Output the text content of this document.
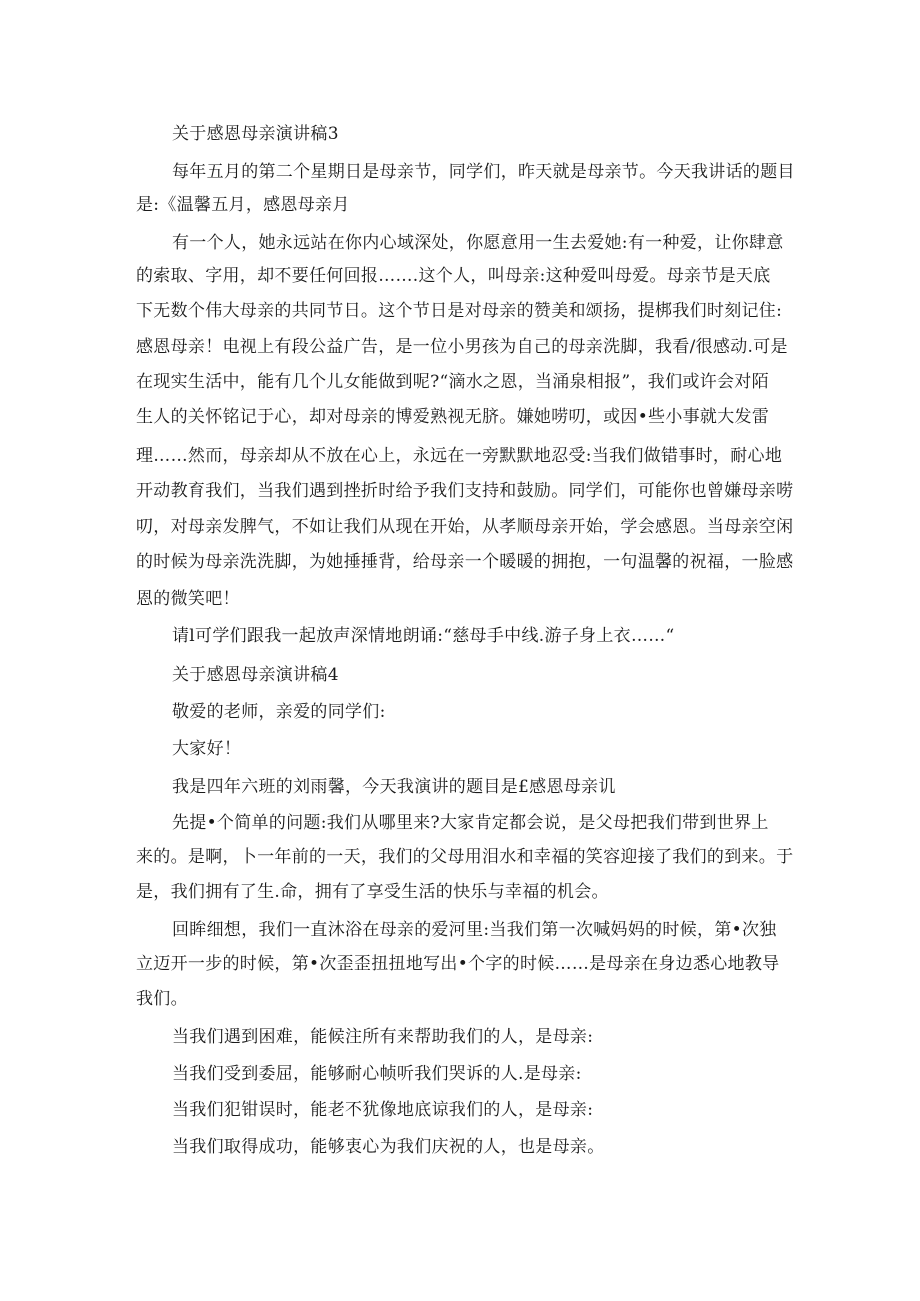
关于感恩母亲演讲稿3
每年五月的第二个星期日是母亲节，同学们，昨天就是母亲节。今天我讲话的题目
是:《温馨五月，感恩母亲月
有一个人，她永远站在你内心域深处，你愿意用一生去爱她:有一种爱，让你肆意
的索取、字用，却不要任何回报…….这个人，叫母亲:这种爱叫母爱。母亲节是天底
下无数个伟大母亲的共同节日。这个节日是对母亲的赞美和颂扬，提梆我们时刻记住:
感恩母亲！电视上有段公益广告，是一位小男孩为自己的母亲洗脚，我看/很感动.可是
在现实生活中，能有几个儿女能做到呢?“滴水之恩，当涌泉相报”，我们或许会对陌
生人的关怀铭记于心，却对母亲的博爱熟视无脐。嫌她唠叨，或因•些小事就大发雷
理……然而，母亲却从不放在心上，永远在一旁默默地忍受:当我们做错事时，耐心地
开动教育我们，当我们遇到挫折时给予我们支持和鼓励。同学们，可能你也曾嫌母亲唠
叨，对母亲发脾气，不如让我们从现在开始，从孝顺母亲开始，学会感恩。当母亲空闲
的时候为母亲洗洗脚，为她捶捶背，给母亲一个暖暖的拥抱，一句温馨的祝福，一脸感
恩的微笑吧！
请l可学们跟我一起放声深情地朗诵:“慈母手中线.游子身上衣……“
关于感恩母亲演讲稿4
敬爱的老师，亲爱的同学们:
大家好！
我是四年六班的刘雨馨，今天我演讲的题目是£感恩母亲讥
先提•个简单的问题:我们从哪里来?大家肯定都会说，是父母把我们带到世界上
来的。是啊，卜一年前的一天，我们的父母用泪水和幸福的笑容迎接了我们的到来。于
是，我们拥有了生.命，拥有了享受生活的快乐与幸福的机会。
回眸细想，我们一直沐浴在母亲的爱河里:当我们第一次喊妈妈的时候，第•次独
立迈开一步的时候，第•次歪歪扭扭地写出•个字的时候……是母亲在身边悉心地教导
我们。
当我们遇到困难，能候注所有来帮助我们的人，是母亲:
当我们受到委屈，能够耐心帧听我们哭诉的人.是母亲:
当我们犯钳误时，能老不犹像地底谅我们的人，是母亲:
当我们取得成功，能够衷心为我们庆祝的人，也是母亲。
